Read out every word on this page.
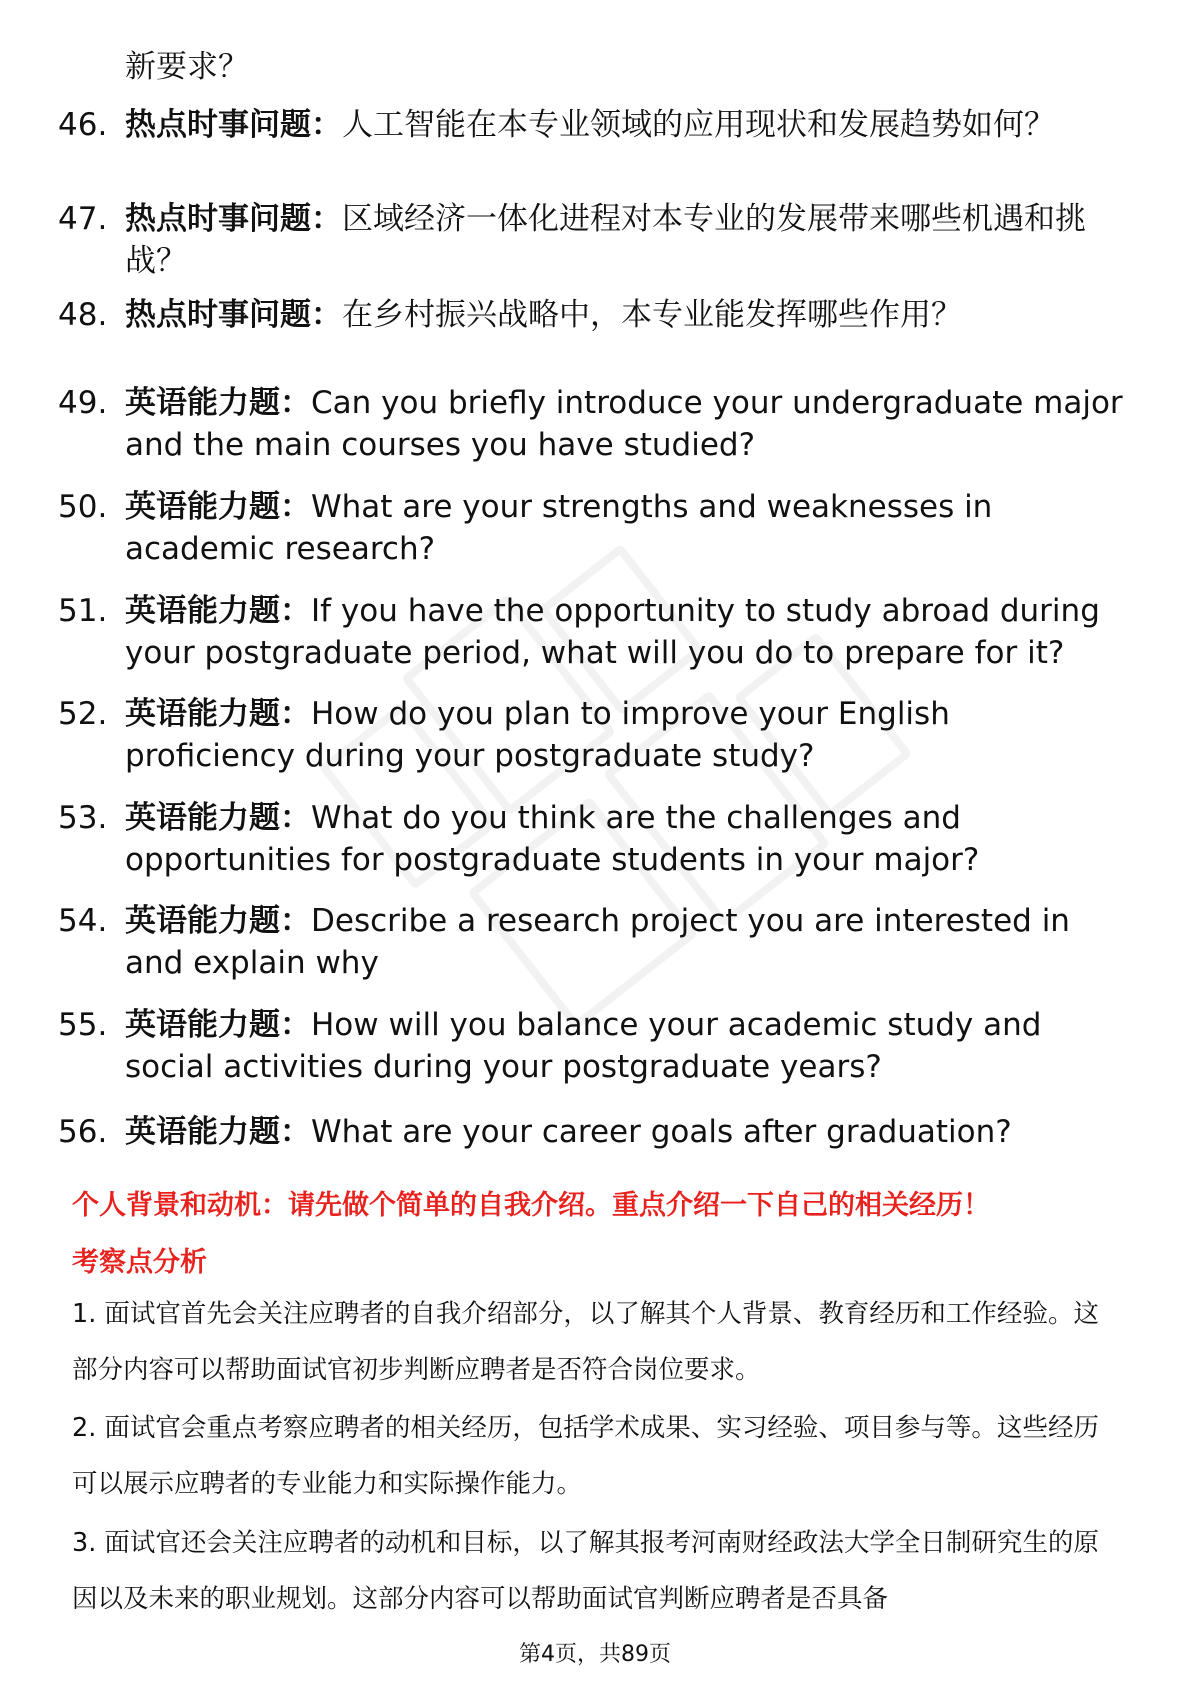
新要求？
46. 热点时事问题：人工智能在本专业领域的应用现状和发展趋势如何？
47. 热点时事问题：区域经济一体化进程对本专业的发展带来哪些机遇和挑战？
48. 热点时事问题：在乡村振兴战略中，本专业能发挥哪些作用？
49. 英语能力题：Can you briefly introduce your undergraduate major and the main courses you have studied?
50. 英语能力题：What are your strengths and weaknesses in academic research?
51. 英语能力题：If you have the opportunity to study abroad during your postgraduate period, what will you do to prepare for it?
52. 英语能力题：How do you plan to improve your English proficiency during your postgraduate study?
53. 英语能力题：What do you think are the challenges and opportunities for postgraduate students in your major?
54. 英语能力题：Describe a research project you are interested in and explain why
55. 英语能力题：How will you balance your academic study and social activities during your postgraduate years?
56. 英语能力题：What are your career goals after graduation?
个人背景和动机：请先做个简单的自我介绍。重点介绍一下自己的相关经历！
考察点分析
1. 面试官首先会关注应聘者的自我介绍部分，以了解其个人背景、教育经历和工作经验。这部分内容可以帮助面试官初步判断应聘者是否符合岗位要求。
2. 面试官会重点考察应聘者的相关经历，包括学术成果、实习经验、项目参与等。这些经历可以展示应聘者的专业能力和实际操作能力。
3. 面试官还会关注应聘者的动机和目标，以了解其报考河南财经政法大学全日制研究生的原因以及未来的职业规划。这部分内容可以帮助面试官判断应聘者是否具备
第4页，共89页
